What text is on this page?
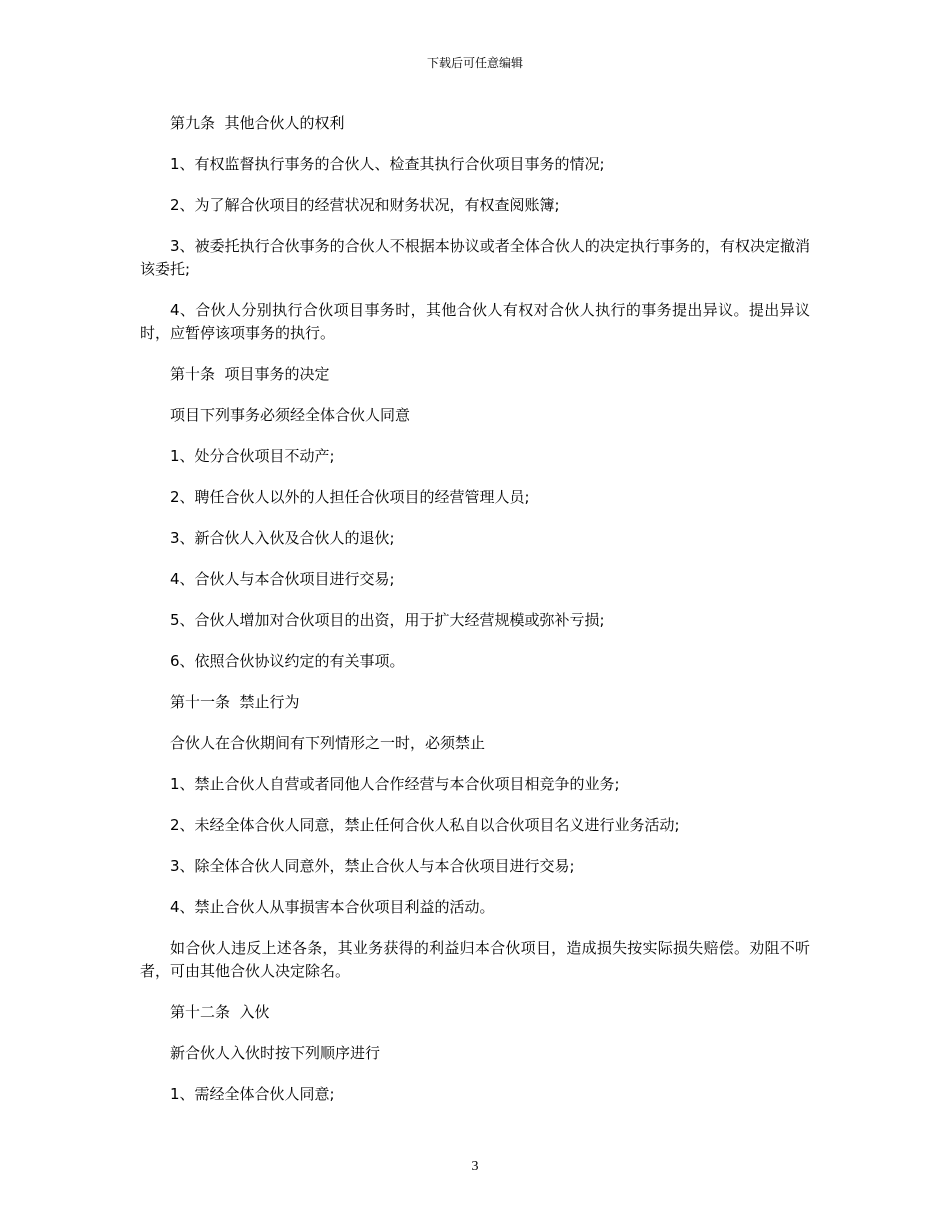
下载后可任意编辑

第九条  其他合伙人的权利

1、有权监督执行事务的合伙人、检查其执行合伙项目事务的情况;

2、为了解合伙项目的经营状况和财务状况，有权查阅账簿;

3、被委托执行合伙事务的合伙人不根据本协议或者全体合伙人的决定执行事务的，有权决定撤消该委托;

4、合伙人分别执行合伙项目事务时，其他合伙人有权对合伙人执行的事务提出异议。提出异议时，应暂停该项事务的执行。

第十条  项目事务的决定

项目下列事务必须经全体合伙人同意

1、处分合伙项目不动产;

2、聘任合伙人以外的人担任合伙项目的经营管理人员;

3、新合伙人入伙及合伙人的退伙;

4、合伙人与本合伙项目进行交易;

5、合伙人增加对合伙项目的出资，用于扩大经营规模或弥补亏损;

6、依照合伙协议约定的有关事项。

第十一条  禁止行为

合伙人在合伙期间有下列情形之一时，必须禁止

1、禁止合伙人自营或者同他人合作经营与本合伙项目相竞争的业务;

2、未经全体合伙人同意，禁止任何合伙人私自以合伙项目名义进行业务活动;

3、除全体合伙人同意外，禁止合伙人与本合伙项目进行交易;

4、禁止合伙人从事损害本合伙项目利益的活动。

如合伙人违反上述各条，其业务获得的利益归本合伙项目，造成损失按实际损失赔偿。劝阻不听者，可由其他合伙人决定除名。

第十二条  入伙

新合伙人入伙时按下列顺序进行

1、需经全体合伙人同意;

3
